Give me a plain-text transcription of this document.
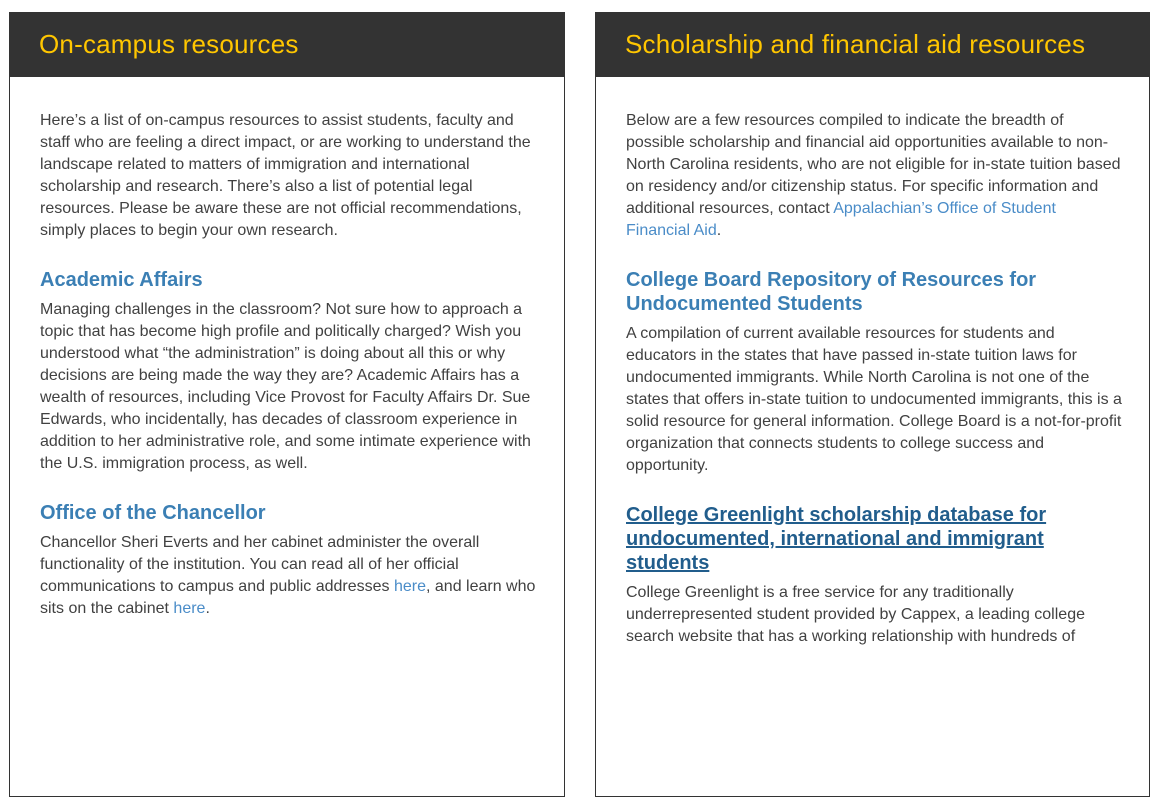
On-campus resources

Here’s a list of on-campus resources to assist students, faculty and staff who are feeling a direct impact, or are working to understand the landscape related to matters of immigration and international scholarship and research. There’s also a list of potential legal resources. Please be aware these are not official recommendations, simply places to begin your own research.

Academic Affairs

Managing challenges in the classroom? Not sure how to approach a topic that has become high profile and politically charged? Wish you understood what “the administration” is doing about all this or why decisions are being made the way they are? Academic Affairs has a wealth of resources, including Vice Provost for Faculty Affairs Dr. Sue Edwards, who incidentally, has decades of classroom experience in addition to her administrative role, and some intimate experience with the U.S. immigration process, as well.

Office of the Chancellor

Chancellor Sheri Everts and her cabinet administer the overall functionality of the institution. You can read all of her official communications to campus and public addresses here, and learn who sits on the cabinet here.

Scholarship and financial aid resources

Below are a few resources compiled to indicate the breadth of possible scholarship and financial aid opportunities available to non-North Carolina residents, who are not eligible for in-state tuition based on residency and/or citizenship status. For specific information and additional resources, contact Appalachian’s Office of Student Financial Aid.

College Board Repository of Resources for Undocumented Students

A compilation of current available resources for students and educators in the states that have passed in-state tuition laws for undocumented immigrants. While North Carolina is not one of the states that offers in-state tuition to undocumented immigrants, this is a solid resource for general information. College Board is a not-for-profit organization that connects students to college success and opportunity.

College Greenlight scholarship database for undocumented, international and immigrant students

College Greenlight is a free service for any traditionally underrepresented student provided by Cappex, a leading college search website that has a working relationship with hundreds of
